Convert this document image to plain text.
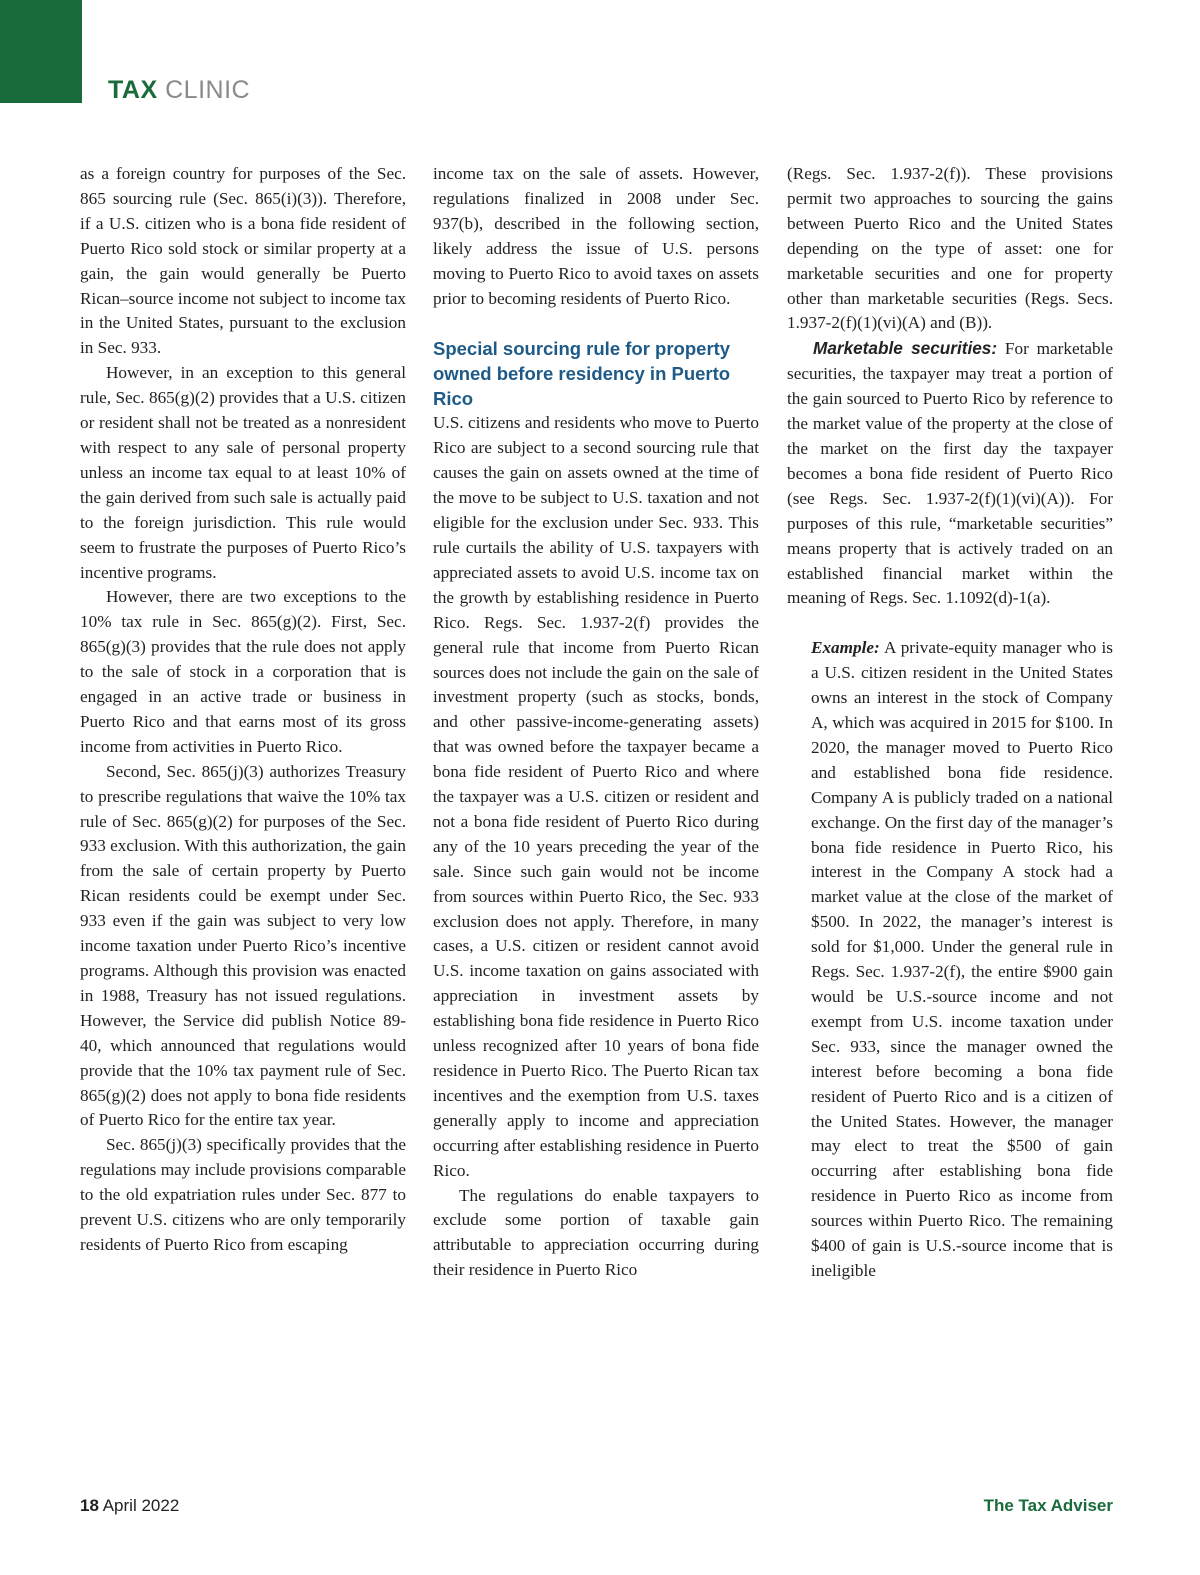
TAX CLINIC

as a foreign country for purposes of the Sec. 865 sourcing rule (Sec. 865(i)(3)). Therefore, if a U.S. citizen who is a bona fide resident of Puerto Rico sold stock or similar property at a gain, the gain would generally be Puerto Rican–source income not subject to income tax in the United States, pursuant to the exclusion in Sec. 933.

However, in an exception to this general rule, Sec. 865(g)(2) provides that a U.S. citizen or resident shall not be treated as a nonresident with respect to any sale of personal property unless an income tax equal to at least 10% of the gain derived from such sale is actually paid to the foreign jurisdiction. This rule would seem to frustrate the purposes of Puerto Rico’s incentive programs.

However, there are two exceptions to the 10% tax rule in Sec. 865(g)(2). First, Sec. 865(g)(3) provides that the rule does not apply to the sale of stock in a corporation that is engaged in an active trade or business in Puerto Rico and that earns most of its gross income from activities in Puerto Rico.

Second, Sec. 865(j)(3) authorizes Treasury to prescribe regulations that waive the 10% tax rule of Sec. 865(g)(2) for purposes of the Sec. 933 exclusion. With this authorization, the gain from the sale of certain property by Puerto Rican residents could be exempt under Sec. 933 even if the gain was subject to very low income taxation under Puerto Rico’s incentive programs. Although this provision was enacted in 1988, Treasury has not issued regulations. However, the Service did publish Notice 89-40, which announced that regulations would provide that the 10% tax payment rule of Sec. 865(g)(2) does not apply to bona fide residents of Puerto Rico for the entire tax year.

Sec. 865(j)(3) specifically provides that the regulations may include provisions comparable to the old expatriation rules under Sec. 877 to prevent U.S. citizens who are only temporarily residents of Puerto Rico from escaping

income tax on the sale of assets. However, regulations finalized in 2008 under Sec. 937(b), described in the following section, likely address the issue of U.S. persons moving to Puerto Rico to avoid taxes on assets prior to becoming residents of Puerto Rico.

Special sourcing rule for property owned before residency in Puerto Rico

U.S. citizens and residents who move to Puerto Rico are subject to a second sourcing rule that causes the gain on assets owned at the time of the move to be subject to U.S. taxation and not eligible for the exclusion under Sec. 933. This rule curtails the ability of U.S. taxpayers with appreciated assets to avoid U.S. income tax on the growth by establishing residence in Puerto Rico. Regs. Sec. 1.937-2(f) provides the general rule that income from Puerto Rican sources does not include the gain on the sale of investment property (such as stocks, bonds, and other passive-income-generating assets) that was owned before the taxpayer became a bona fide resident of Puerto Rico and where the taxpayer was a U.S. citizen or resident and not a bona fide resident of Puerto Rico during any of the 10 years preceding the year of the sale. Since such gain would not be income from sources within Puerto Rico, the Sec. 933 exclusion does not apply. Therefore, in many cases, a U.S. citizen or resident cannot avoid U.S. income taxation on gains associated with appreciation in investment assets by establishing bona fide residence in Puerto Rico unless recognized after 10 years of bona fide residence in Puerto Rico. The Puerto Rican tax incentives and the exemption from U.S. taxes generally apply to income and appreciation occurring after establishing residence in Puerto Rico.

The regulations do enable taxpayers to exclude some portion of taxable gain attributable to appreciation occurring during their residence in Puerto Rico

(Regs. Sec. 1.937-2(f)). These provisions permit two approaches to sourcing the gains between Puerto Rico and the United States depending on the type of asset: one for marketable securities and one for property other than marketable securities (Regs. Secs. 1.937-2(f)(1)(vi)(A) and (B)).

Marketable securities: For marketable securities, the taxpayer may treat a portion of the gain sourced to Puerto Rico by reference to the market value of the property at the close of the market on the first day the taxpayer becomes a bona fide resident of Puerto Rico (see Regs. Sec. 1.937-2(f)(1)(vi)(A)). For purposes of this rule, “marketable securities” means property that is actively traded on an established financial market within the meaning of Regs. Sec. 1.1092(d)-1(a).

Example: A private-equity manager who is a U.S. citizen resident in the United States owns an interest in the stock of Company A, which was acquired in 2015 for $100. In 2020, the manager moved to Puerto Rico and established bona fide residence. Company A is publicly traded on a national exchange. On the first day of the manager’s bona fide residence in Puerto Rico, his interest in the Company A stock had a market value at the close of the market of $500. In 2022, the manager’s interest is sold for $1,000. Under the general rule in Regs. Sec. 1.937-2(f), the entire $900 gain would be U.S.-source income and not exempt from U.S. income taxation under Sec. 933, since the manager owned the interest before becoming a bona fide resident of Puerto Rico and is a citizen of the United States. However, the manager may elect to treat the $500 of gain occurring after establishing bona fide residence in Puerto Rico as income from sources within Puerto Rico. The remaining $400 of gain is U.S.-source income that is ineligible

18 April 2022	The Tax Adviser
